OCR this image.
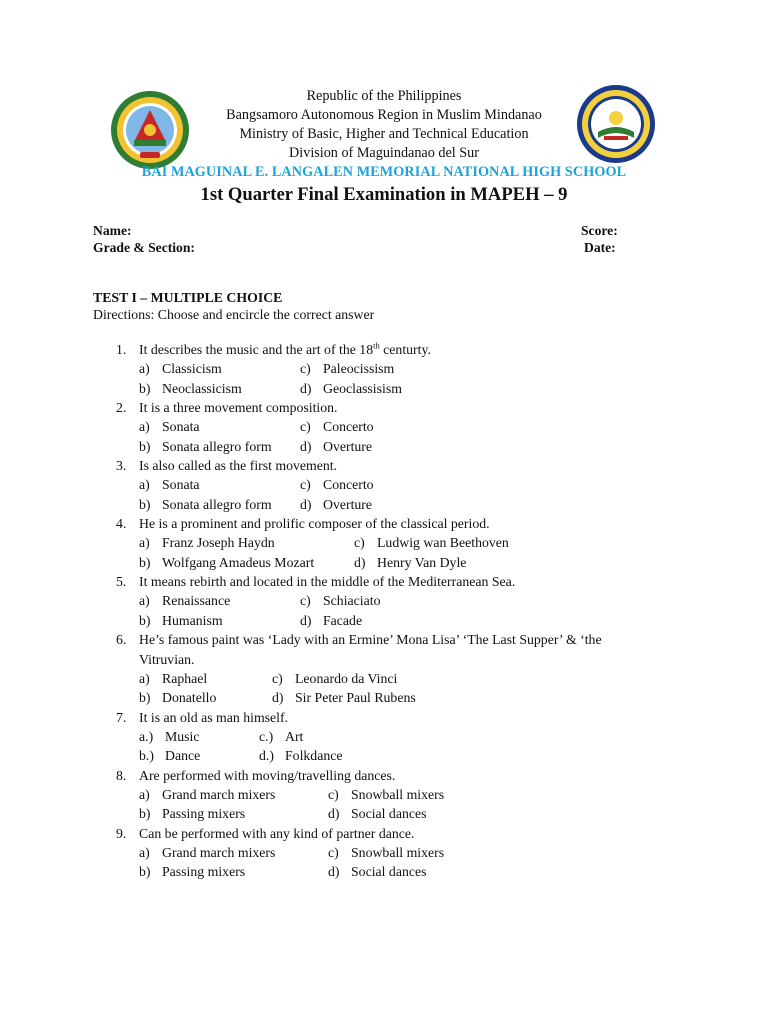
Republic of the Philippines
Bangsamoro Autonomous Region in Muslim Mindanao
Ministry of Basic, Higher and Technical Education
Division of Maguindanao del Sur
BAI MAGUINAL E. LANGALEN MEMORIAL NATIONAL HIGH SCHOOL
1st Quarter Final Examination in MAPEH – 9
Name:
Grade & Section:
Score:
Date:
TEST I – MULTIPLE CHOICE
Directions: Choose and encircle the correct answer
1. It describes the music and the art of the 18th centurty.
a) Classicism	c) Paleocissism
b) Neoclassicism	d) Geoclassisism
2. It is a three movement composition.
a) Sonata	c) Concerto
b) Sonata allegro form d) Overture
3. Is also called as the first movement.
a) Sonata	c) Concerto
b) Sonata allegro form d) Overture
4. He is a prominent and prolific composer of the classical period.
a) Franz Joseph Haydn	c) Ludwig wan Beethoven
b) Wolfgang Amadeus Mozart	d) Henry Van Dyle
5. It means rebirth and located in the middle of the Mediterranean Sea.
a) Renaissance	c) Schiaciato
b) Humanism	d) Facade
6. He’s famous paint was ‘Lady with an Ermine’ Mona Lisa’ ‘The Last Supper’ & ‘the
Vitruvian.
a) Raphael	c) Leonardo da Vinci
b) Donatello	d) Sir Peter Paul Rubens
7. It is an old as man himself.
a.) Music	c.) Art
b.) Dance	d.) Folkdance
8. Are performed with moving/travelling dances.
a) Grand march mixers	c) Snowball mixers
b) Passing mixers	d) Social dances
9. Can be performed with any kind of partner dance.
a) Grand march mixers	c) Snowball mixers
b) Passing mixers	d) Social dances
